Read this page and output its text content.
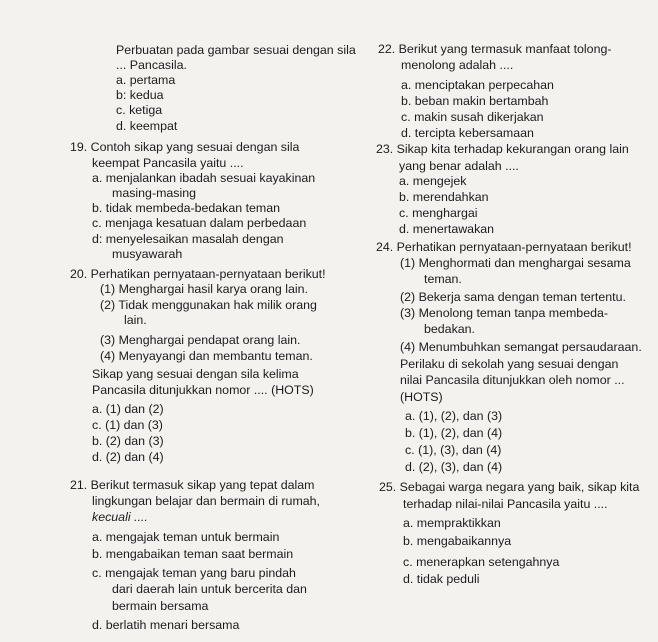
Perbuatan pada gambar sesuai dengan sila
... Pancasila.
a. pertama
b: kedua
c. ketiga
d. keempat
19. Contoh sikap yang sesuai dengan sila
keempat Pancasila yaitu ....
a. menjalankan ibadah sesuai kayakinan
masing-masing
b. tidak membeda-bedakan teman
c. menjaga kesatuan dalam perbedaan
d: menyelesaikan masalah dengan
musyawarah
20. Perhatikan pernyataan-pernyataan berikut!
(1) Menghargai hasil karya orang lain.
(2) Tidak menggunakan hak milik orang
lain.
(3) Menghargai pendapat orang lain.
(4) Menyayangi dan membantu teman.
Sikap yang sesuai dengan sila kelima
Pancasila ditunjukkan nomor .... (HOTS)
a. (1) dan (2)
c. (1) dan (3)
b. (2) dan (3)
d. (2) dan (4)
21. Berikut termasuk sikap yang tepat dalam
lingkungan belajar dan bermain di rumah,
kecuali ....
a. mengajak teman untuk bermain
b. mengabaikan teman saat bermain
c. mengajak teman yang baru pindah
dari daerah lain untuk bercerita dan
bermain bersama
d. berlatih menari bersama
22. Berikut yang termasuk manfaat tolong-
menolong adalah ....
a. menciptakan perpecahan
b. beban makin bertambah
c. makin susah dikerjakan
d. tercipta kebersamaan
23. Sikap kita terhadap kekurangan orang lain
yang benar adalah ....
a. mengejek
b. merendahkan
c. menghargai
d. menertawakan
24. Perhatikan pernyataan-pernyataan berikut!
(1) Menghormati dan menghargai sesama
teman.
(2) Bekerja sama dengan teman tertentu.
(3) Menolong teman tanpa membeda-
bedakan.
(4) Menumbuhkan semangat persaudaraan.
Perilaku di sekolah yang sesuai dengan
nilai Pancasila ditunjukkan oleh nomor ...
(HOTS)
a. (1), (2), dan (3)
b. (1), (2), dan (4)
c. (1), (3), dan (4)
d. (2), (3), dan (4)
25. Sebagai warga negara yang baik, sikap kita
terhadap nilai-nilai Pancasila yaitu ....
a. mempraktikkan
b. mengabaikannya
c. menerapkan setengahnya
d. tidak peduli
